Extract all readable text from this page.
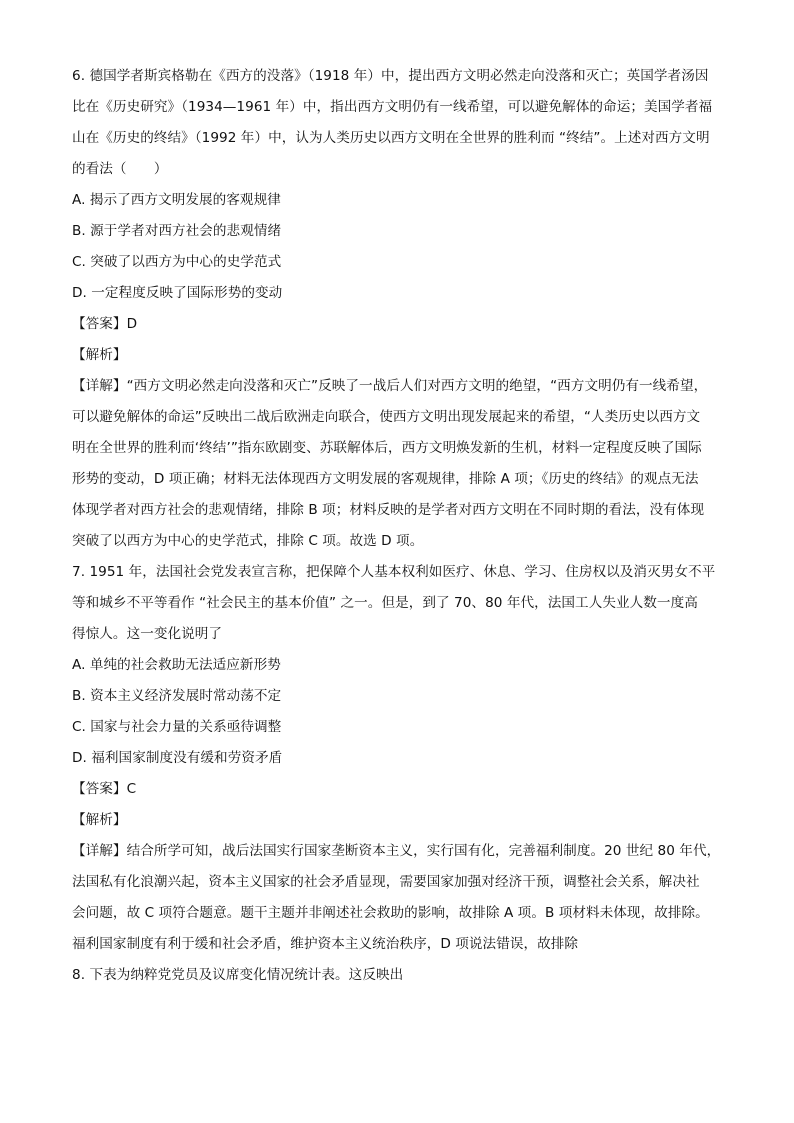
6. 德国学者斯宾格勒在《西方的没落》（1918 年）中，提出西方文明必然走向没落和灭亡；英国学者汤因
比在《历史研究》（1934—1961 年）中，指出西方文明仍有一线希望，可以避免解体的命运；美国学者福
山在《历史的终结》（1992 年）中，认为人类历史以西方文明在全世界的胜利而 “终结”。上述对西方文明
的看法（　　）
A. 揭示了西方文明发展的客观规律
B. 源于学者对西方社会的悲观情绪
C. 突破了以西方为中心的史学范式
D. 一定程度反映了国际形势的变动
【答案】D
【解析】
【详解】“西方文明必然走向没落和灭亡”反映了一战后人们对西方文明的绝望，“西方文明仍有一线希望，
可以避免解体的命运”反映出二战后欧洲走向联合，使西方文明出现发展起来的希望，“人类历史以西方文
明在全世界的胜利而‘终结’”指东欧剧变、苏联解体后，西方文明焕发新的生机，材料一定程度反映了国际
形势的变动，D 项正确；材料无法体现西方文明发展的客观规律，排除 A 项；《历史的终结》的观点无法
体现学者对西方社会的悲观情绪，排除 B 项；材料反映的是学者对西方文明在不同时期的看法，没有体现
突破了以西方为中心的史学范式，排除 C 项。故选 D 项。
7. 1951 年，法国社会党发表宣言称，把保障个人基本权利如医疗、休息、学习、住房权以及消灭男女不平
等和城乡不平等看作 “社会民主的基本价值” 之一。但是，到了 70、80 年代，法国工人失业人数一度高
得惊人。这一变化说明了
A. 单纯的社会救助无法适应新形势
B. 资本主义经济发展时常动荡不定
C. 国家与社会力量的关系亟待调整
D. 福利国家制度没有缓和劳资矛盾
【答案】C
【解析】
【详解】结合所学可知，战后法国实行国家垄断资本主义，实行国有化，完善福利制度。20 世纪 80 年代，
法国私有化浪潮兴起，资本主义国家的社会矛盾显现，需要国家加强对经济干预，调整社会关系，解决社
会问题，故 C 项符合题意。题干主题并非阐述社会救助的影响，故排除 A 项。B 项材料未体现，故排除。
福利国家制度有利于缓和社会矛盾，维护资本主义统治秩序，D 项说法错误，故排除
8. 下表为纳粹党党员及议席变化情况统计表。这反映出
